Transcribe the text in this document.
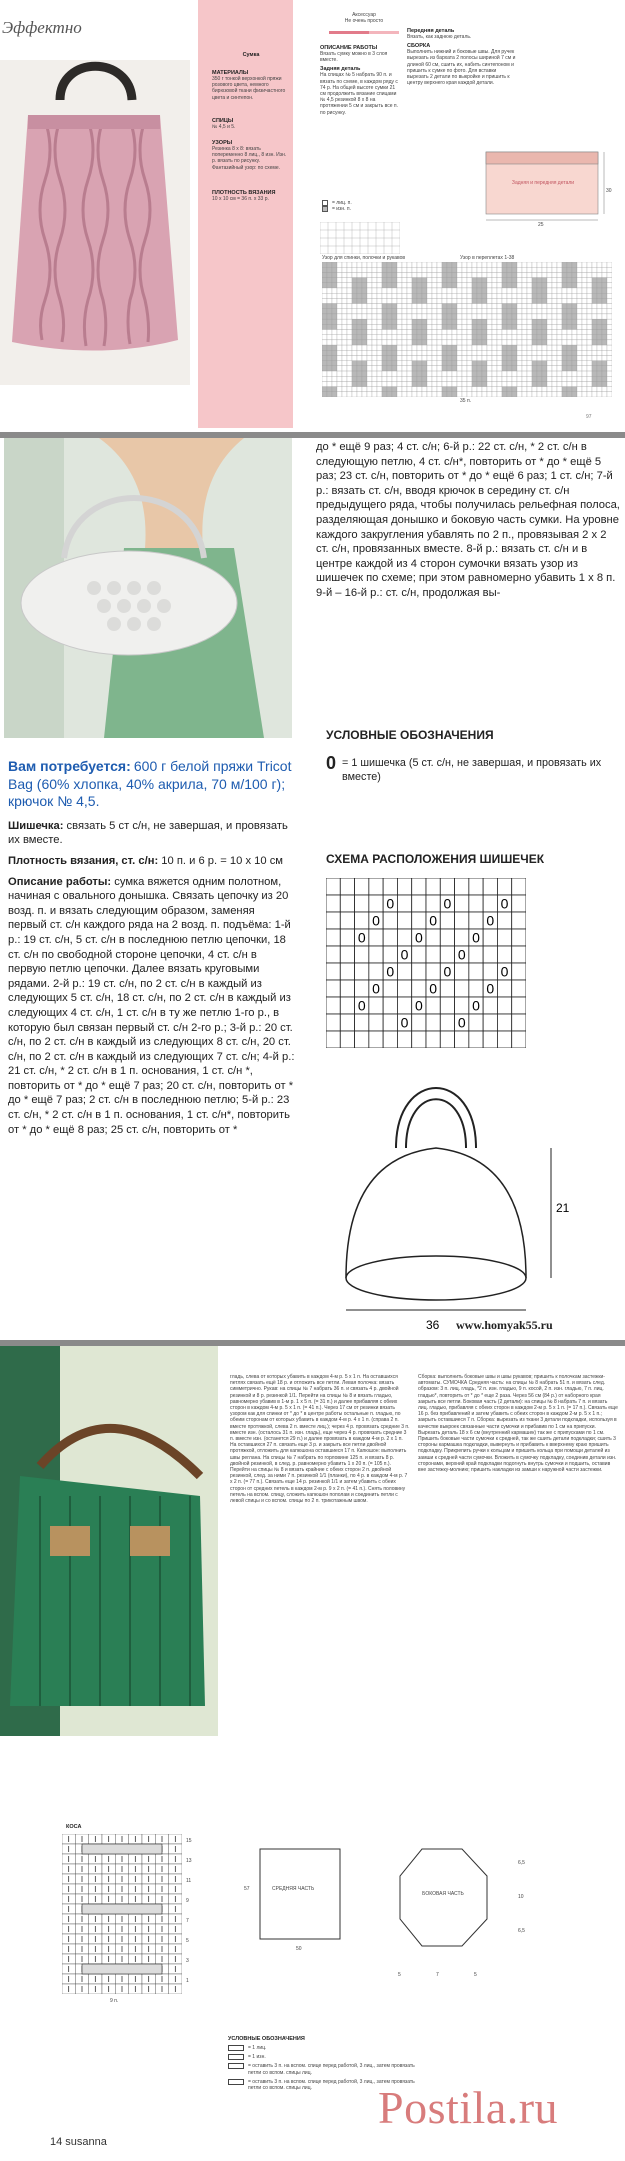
Эффектно
Сумка
МАТЕРИАЛЫ
350 г тонкой верхонкой пряжи розового цвета, немного бирюзовой ткани физичастного цвета и синтепон.
СПИЦЫ
№ 4,5 и 5.
УЗОРЫ
Резинка 8 x 8: вязать попеременно 8 лиц., 8 изн. Изн. р. вязать по рисунку. Фантазийный узор: по схеме.
ПЛОТНОСТЬ ВЯЗАНИЯ
10 x 10 см = 36 п. x 33 р.
Аксессуар
Не очень просто
ОПИСАНИЕ РАБОТЫ
Вязать сумку можно в 3 слоя вместе.
Задняя деталь
На спицах № 5 набрать 90 п. и вязать по схеме, в каждом ряду с 74 р. На общей высоте сумки 21 см продолжить вязание спицами № 4,5 резинкой 8 x 8 на протяжении 5 см и закрыть все п. по рисунку.
Передняя деталь
Вязать, как заднюю деталь.
СБОРКА
Выполнить нижний и боковые швы. Для ручек вырезать из бархата 2 полосы шириной 7 см и длиной 60 см, сшить их, набить синтепоном и пришить к сумке по фото. Для вставки вырезать 2 детали по выкройке и пришить к центру верхнего края каждой детали.
Задняя и передняя детали
25
30
= лиц. п.
= изн. п.
Узор для спинки, полочки и рукавов	Узор в переплетах 1-38
35 п.
97

Вам потребуется: 600 г белой пряжи Tricot Bag (60% хлопка, 40% акрила, 70 м/100 г); крючок № 4,5.

Шишечка: связать 5 ст с/н, не завершая, и провязать их вместе.

Плотность вязания, ст. с/н: 10 п. и 6 р. = 10 х 10 см

Описание работы: сумка вяжется одним полотном, начиная с овального донышка. Связать цепочку из 20 возд. п. и вязать следующим образом, заменяя первый ст. с/н каждого ряда на 2 возд. п. подъёма: 1-й р.: 19 ст. с/н, 5 ст. с/н в последнюю петлю цепочки, 18 ст. с/н по свободной стороне цепочки, 4 ст. с/н в первую петлю цепочки. Далее вязать круговыми рядами. 2-й р.: 19 ст. с/н, по 2 ст. с/н в каждый из следующих 5 ст. с/н, 18 ст. с/н, по 2 ст. с/н в каждый из следующих 4 ст. с/н, 1 ст. с/н в ту же петлю 1-го р., в которую был связан первый ст. с/н 2-го р.; 3-й р.: 20 ст. с/н, по 2 ст. с/н в каждый из следующих 8 ст. с/н, 20 ст. с/н, по 2 ст. с/н в каждый из следующих 7 ст. с/н; 4-й р.: 21 ст. с/н, * 2 ст. с/н в 1 п. основания, 1 ст. с/н *, повторить от * до * ещё 7 раз; 20 ст. с/н, повторить от * до * ещё 7 раз; 2 ст. с/н в последнюю петлю; 5-й р.: 23 ст. с/н, * 2 ст. с/н в 1 п. основания, 1 ст. с/н*, повторить от * до * ещё 8 раз; 25 ст. с/н, повторить от *

до * ещё 9 раз; 4 ст. с/н; 6-й р.: 22 ст. с/н, * 2 ст. с/н в следующую петлю, 4 ст. с/н*, повторить от * до * ещё 5 раз; 23 ст. с/н, повторить от * до * ещё 6 раз; 1 ст. с/н; 7-й р.: вязать ст. с/н, вводя крючок в середину ст. с/н предыдущего ряда, чтобы получилась рельефная полоса, разделяющая донышко и боковую часть сумки. На уровне каждого закругления убавлять по 2 п., провязывая 2 х 2 ст. с/н, провязанных вместе. 8-й р.: вязать ст. с/н и в центре каждой из 4 сторон сумочки вязать узор из шишечек по схеме; при этом равномерно убавить 1 х 8 п. 9-й – 16-й р.: ст. с/н, продолжая вы-
УСЛОВНЫЕ ОБОЗНАЧЕНИЯ
0 = 1 шишечка (5 ст. с/н, не завершая, и провязать их вместе)
СХЕМА РАСПОЛОЖЕНИЯ ШИШЕЧЕК
0	0	0
0	0	0
0	0	0
0	0
0	0	0
0	0	0
0	0	0
0	0
21
36 www.homyak55.ru
гладь, слева от которых убавить в каждом 4-м р. 5 x 1 п. На оставшихся петлях связать ещё 18 р. и отложить все петли. Левая полочка: вязать симметрично. Рукав: на спицы № 7 набрать 36 п. и связать 4 р. двойной резинкой и 8 р. резинкой 1/1. Перейти на спицы № 8 и вязать гладью, равномерно убавив в 1-м р. 1 x 5 п. (= 31 п.) и далее прибавляя с обеих сторон в каждом 4-м р. 5 x 1 п. (= 41 п.). Через 17 см от резинки вязать узором как для спинки от * до * в центре работы остальные п. гладью, по обеим сторонам от которых убавить в каждом 4-м р. 4 x 1 п. (справа 2 п. вместе протяжкой, слева 2 п. вместе лиц.); через 4 р. провязать средние 3 п. вместе изн. (осталось 31 п. изн. гладь), еще через 4 р. провязать средние 3 п. вместе изн. (останется 29 п.) и далее провязать в каждом 4-м р. 2 x 1 п. На оставшихся 27 п. связать еще 3 р. и закрыть все петли двойной протяжкой, отложить для капюшона оставшиеся 17 п. Капюшон: выполнить швы реглана. На спицы № 7 набрать по горловине 125 п. и вязать 8 р. двойной резинкой, в след. р. равномерно убавить 1 x 20 п. (= 105 п.). Перейти на спицы № 8 и вязать крайние с обеих сторон 2 п. двойной резинкой, след. за ними 7 п. резинкой 1/1 (планки), по 4 р. в каждом 4-м р. 7 x 2 п. (= 77 п.). Связать еще 14 р. резинкой 1/1 и затем убавить с обеих сторон от средних петель в каждом 2-м р. 9 x 2 п. (= 41 п.). Снять половину петель на вспом. спицу, сложить капюшон пополам и соединить петли с левой спицы и со вспом. спицы по 2 п. трикотажным швом.
Сборка: выполнить боковые швы и швы рукавов; пришить к полочкам застежки-автоматы. СУМОЧКА Средняя часть: на спицы № 8 набрать 51 п. и вязать след. образом: 3 п. лиц. гладь, *2 п. изн. гладью, 9 п. косой, 2 п. изн. гладью, 7 п. лиц. гладью*, повторить от * до * еще 2 раза. Через 56 см (84 р.) от наборного края закрыть все петли. Боковая часть (2 детали): на спицы № 8 набрать 7 п. и вязать лиц. гладью, прибавляя с обеих сторон в каждом 2-м р. 5 x 1 п. (= 17 п.). Связать еще 16 р. без прибавлений и затем убавить с обеих сторон в каждом 2-м р. 5 x 1 п.; закрыть оставшиеся 7 п. Сборка: вырезать из ткани 3 детали подкладки, используя в качестве выкроек связанные части сумочки и прибавив по 1 см на припуски. Вырезать деталь 18 x 6 см (внутренний кармашек) так же с припусками по 1 см. Пришить боковые части сумочки к средней, так же сшить детали подкладки; сшить 3 стороны кармашка подкладки, вывернуть и прибавить к вверхнему краю пришить подкладку. Прикрепить ручки к кольцам и пришить кольца при помощи деталей из замши к средней части сумочки. Вложить в сумочку подкладку, соединив детали изн. сторонами, верхний край подкладки подогнуть внутрь сумочки и подшить, оставив вне застежку-молнию; пришить накладки из замши к наружной части застежки.
КОСА
15
13
11
9
7
5
3
1
9 п.
СРЕДНЯЯ ЧАСТЬ
57
50
БОКОВАЯ ЧАСТЬ
6,5
10
6,5
5	7	5
УСЛОВНЫЕ ОБОЗНАЧЕНИЯ
= 1 лиц.
= 1 изн.
= оставить 3 п. на вспом. спице перед работой, 3 лиц., затем провязать петли со вспом. спицы лиц.
= оставить 3 п. на вспом. спице перед работой, 3 лиц., затем провязать петли со вспом. спицы лиц.	Postila.ru
14 susanna
